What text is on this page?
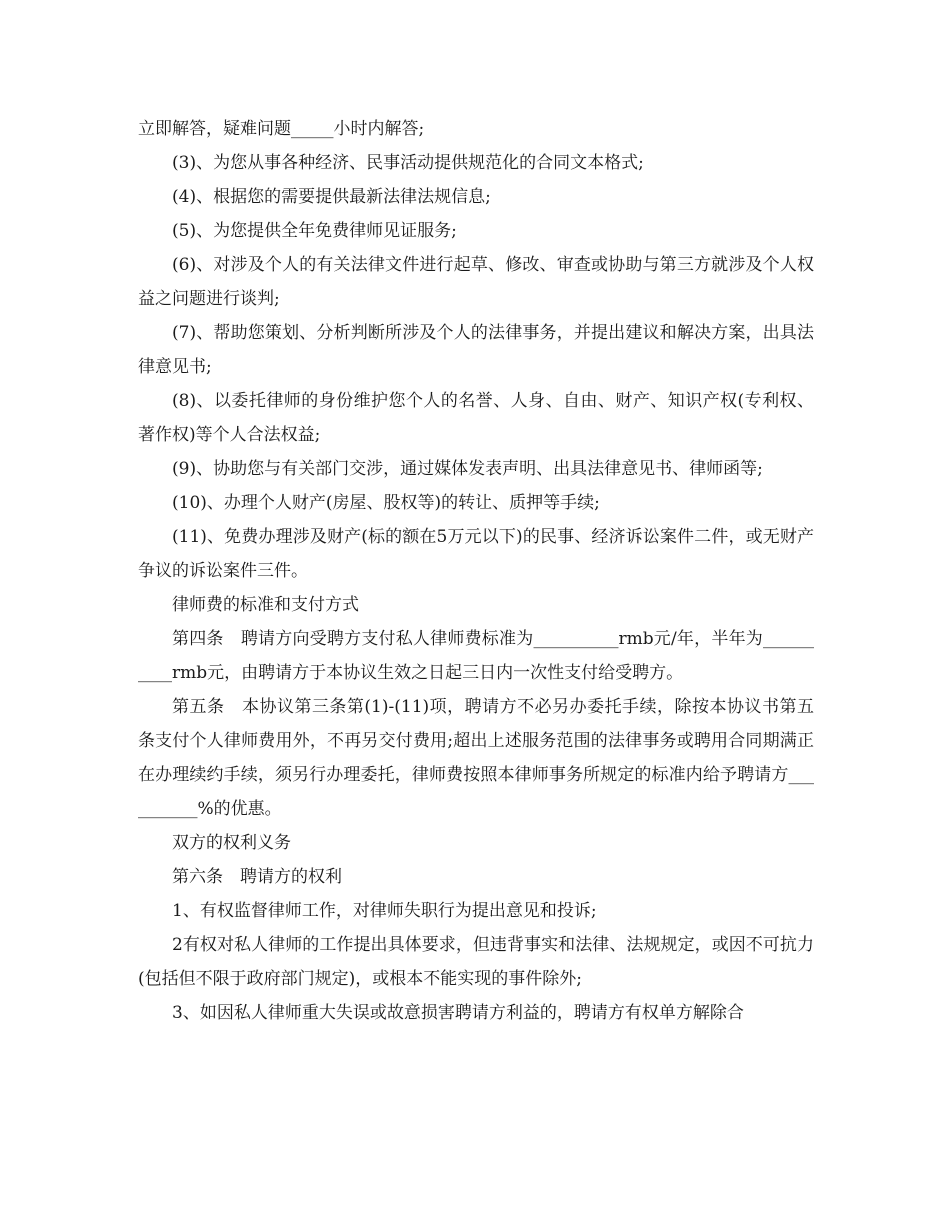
立即解答，疑难问题_____小时内解答;

(3)、为您从事各种经济、民事活动提供规范化的合同文本格式;

(4)、根据您的需要提供最新法律法规信息;

(5)、为您提供全年免费律师见证服务;

(6)、对涉及个人的有关法律文件进行起草、修改、审查或协助与第三方就涉及个人权益之问题进行谈判;

(7)、帮助您策划、分析判断所涉及个人的法律事务，并提出建议和解决方案，出具法律意见书;

(8)、以委托律师的身份维护您个人的名誉、人身、自由、财产、知识产权(专利权、著作权)等个人合法权益;

(9)、协助您与有关部门交涉，通过媒体发表声明、出具法律意见书、律师函等;

(10)、办理个人财产(房屋、股权等)的转让、质押等手续;

(11)、免费办理涉及财产(标的额在5万元以下)的民事、经济诉讼案件二件，或无财产争议的诉讼案件三件。

律师费的标准和支付方式

第四条　聘请方向受聘方支付私人律师费标准为__________rmb元/年，半年为__________rmb元，由聘请方于本协议生效之日起三日内一次性支付给受聘方。

第五条　本协议第三条第(1)-(11)项，聘请方不必另办委托手续，除按本协议书第五条支付个人律师费用外，不再另交付费用;超出上述服务范围的法律事务或聘用合同期满正在办理续约手续，须另行办理委托，律师费按照本律师事务所规定的标准内给予聘请方__________%的优惠。

双方的权利义务

第六条　聘请方的权利

1、有权监督律师工作，对律师失职行为提出意见和投诉;

2有权对私人律师的工作提出具体要求，但违背事实和法律、法规规定，或因不可抗力(包括但不限于政府部门规定)，或根本不能实现的事件除外;

3、如因私人律师重大失误或故意损害聘请方利益的，聘请方有权单方解除合
